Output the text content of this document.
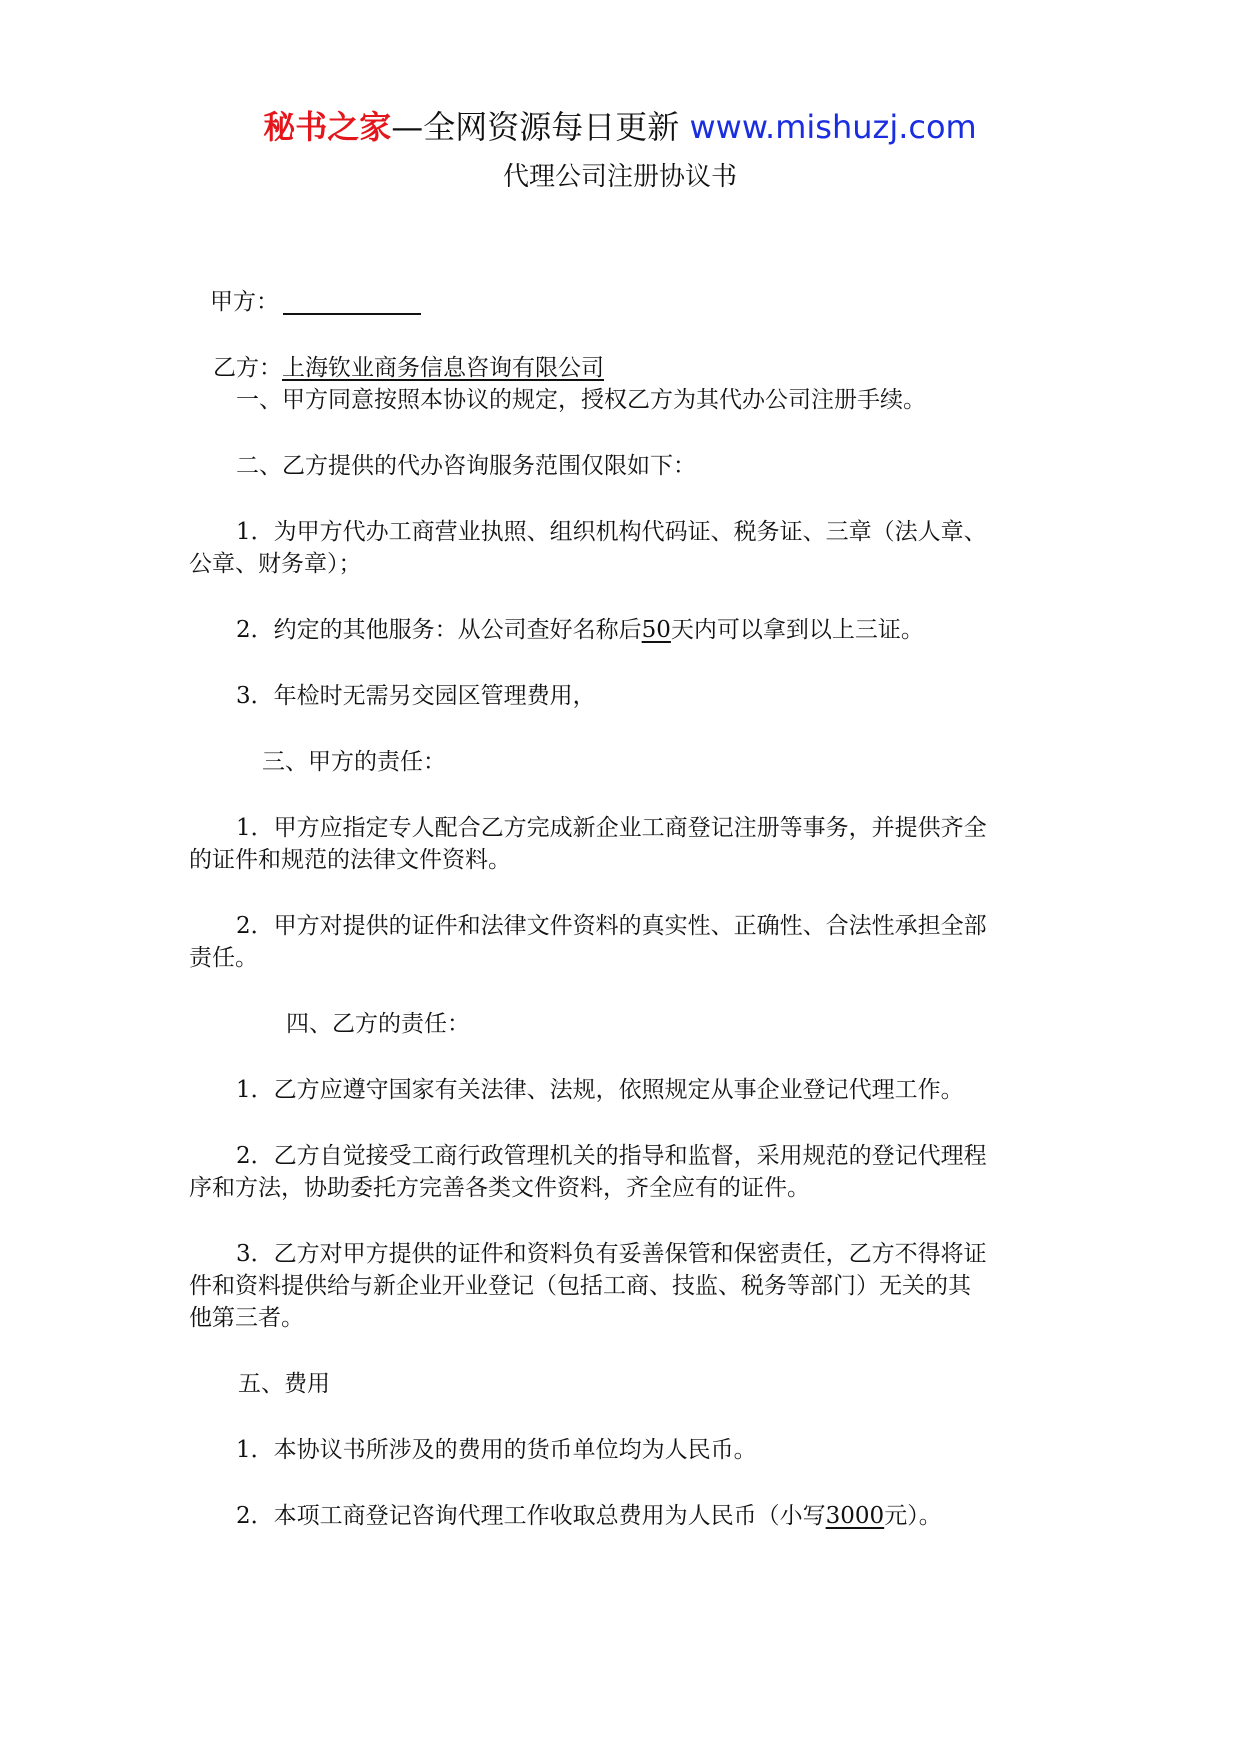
秘书之家—全网资源每日更新 www.mishuzj.com
代理公司注册协议书
甲方：
乙方：上海钦业商务信息咨询有限公司
一、甲方同意按照本协议的规定，授权乙方为其代办公司注册手续。
二、乙方提供的代办咨询服务范围仅限如下：
1．为甲方代办工商营业执照、组织机构代码证、税务证、三章（法人章、
公章、财务章）；
2．约定的其他服务：从公司查好名称后50天内可以拿到以上三证。
3．年检时无需另交园区管理费用，
三、甲方的责任：
1．甲方应指定专人配合乙方完成新企业工商登记注册等事务，并提供齐全
的证件和规范的法律文件资料。
2．甲方对提供的证件和法律文件资料的真实性、正确性、合法性承担全部
责任。
四、乙方的责任：
1．乙方应遵守国家有关法律、法规，依照规定从事企业登记代理工作。
2．乙方自觉接受工商行政管理机关的指导和监督，采用规范的登记代理程
序和方法，协助委托方完善各类文件资料，齐全应有的证件。
3．乙方对甲方提供的证件和资料负有妥善保管和保密责任，乙方不得将证
件和资料提供给与新企业开业登记（包括工商、技监、税务等部门）无关的其
他第三者。
五、费用
1．本协议书所涉及的费用的货币单位均为人民币。
2．本项工商登记咨询代理工作收取总费用为人民币（小写3000元）。
